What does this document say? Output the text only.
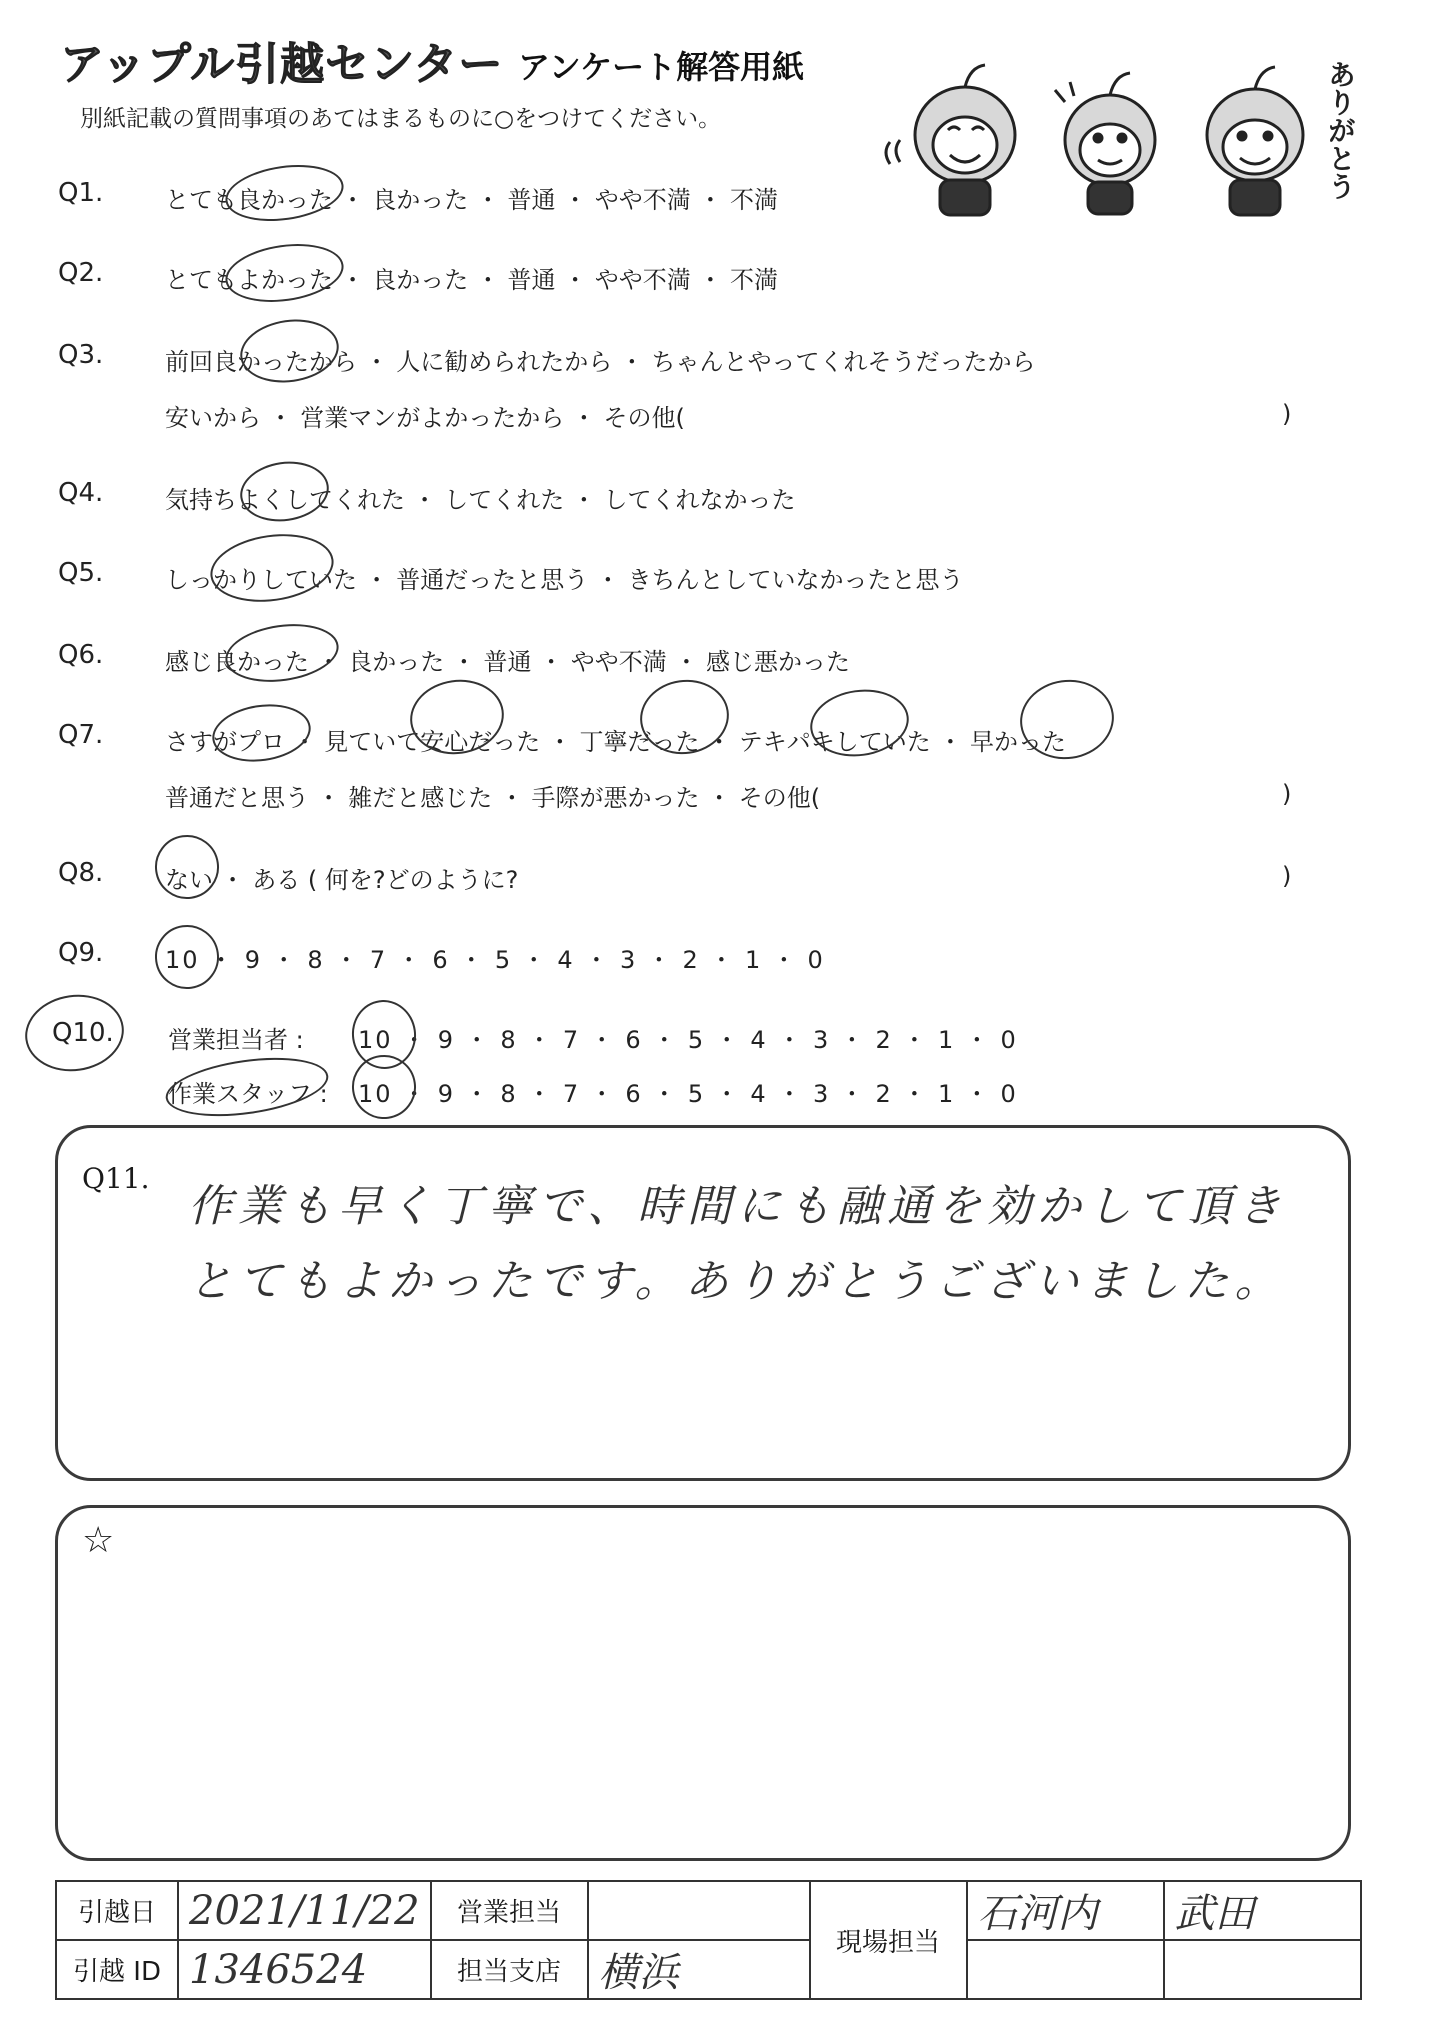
アップル引越センター アンケート解答用紙
別紙記載の質問事項のあてはまるものに○をつけてください。	ありがとう
Q1.	とても良かった ・ 良かった ・ 普通 ・ やや不満 ・ 不満
Q2.	とてもよかった ・ 良かった ・ 普通 ・ やや不満 ・ 不満
Q3.	前回良かったから ・ 人に勧められたから ・ ちゃんとやってくれそうだったから
安いから ・ 営業マンがよかったから ・ その他(	)
Q4.	気持ちよくしてくれた ・ してくれた ・ してくれなかった
Q5.	しっかりしていた ・ 普通だったと思う ・ きちんとしていなかったと思う
Q6.	感じ良かった ・ 良かった ・ 普通 ・ やや不満 ・ 感じ悪かった
Q7.	さすがプロ ・ 見ていて安心だった ・ 丁寧だった ・ テキパキしていた ・ 早かった
普通だと思う ・ 雑だと感じた ・ 手際が悪かった ・ その他(	)
Q8.	ない ・ ある ( 何を?どのように?	)
Q9.	10 ・ 9 ・ 8 ・ 7 ・ 6 ・ 5 ・ 4 ・ 3 ・ 2 ・ 1 ・ 0
Q10. 営業担当者 : 10 ・ 9 ・ 8 ・ 7 ・ 6 ・ 5 ・ 4 ・ 3 ・ 2 ・ 1 ・ 0
作業スタッフ : 10 ・ 9 ・ 8 ・ 7 ・ 6 ・ 5 ・ 4 ・ 3 ・ 2 ・ 1 ・ 0
Q11.
作業も早く丁寧で、時間にも融通を効かして頂き
とてもよかったです。ありがとうございました。
☆
引越日	2021/11/22	営業担当		現場担当	石河内	武田
引越 ID	1346524	担当支店	横浜			
